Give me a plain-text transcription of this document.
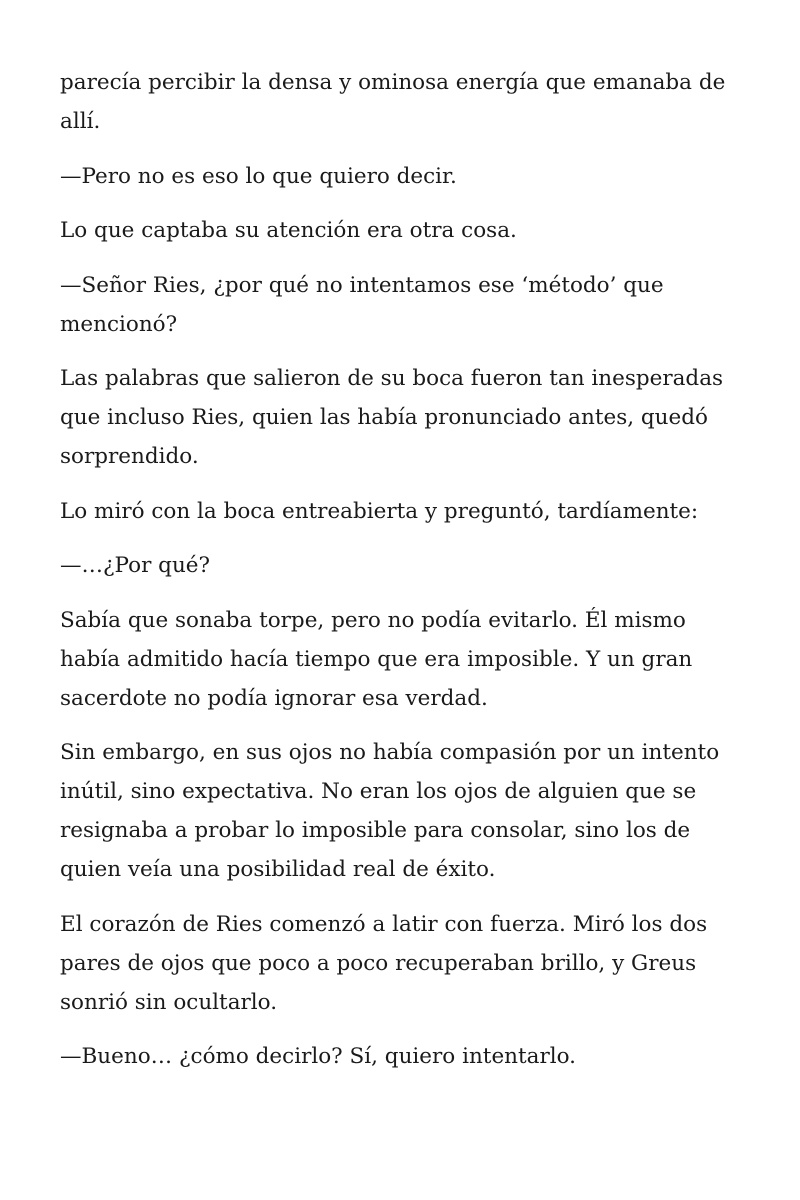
parecía percibir la densa y ominosa energía que emanaba de allí.

—Pero no es eso lo que quiero decir.

Lo que captaba su atención era otra cosa.

—Señor Ries, ¿por qué no intentamos ese ‘método’ que mencionó?

Las palabras que salieron de su boca fueron tan inesperadas que incluso Ries, quien las había pronunciado antes, quedó sorprendido.

Lo miró con la boca entreabierta y preguntó, tardíamente:

—…¿Por qué?

Sabía que sonaba torpe, pero no podía evitarlo. Él mismo había admitido hacía tiempo que era imposible. Y un gran sacerdote no podía ignorar esa verdad.

Sin embargo, en sus ojos no había compasión por un intento inútil, sino expectativa. No eran los ojos de alguien que se resignaba a probar lo imposible para consolar, sino los de quien veía una posibilidad real de éxito.

El corazón de Ries comenzó a latir con fuerza. Miró los dos pares de ojos que poco a poco recuperaban brillo, y Greus sonrió sin ocultarlo.

—Bueno… ¿cómo decirlo? Sí, quiero intentarlo.
